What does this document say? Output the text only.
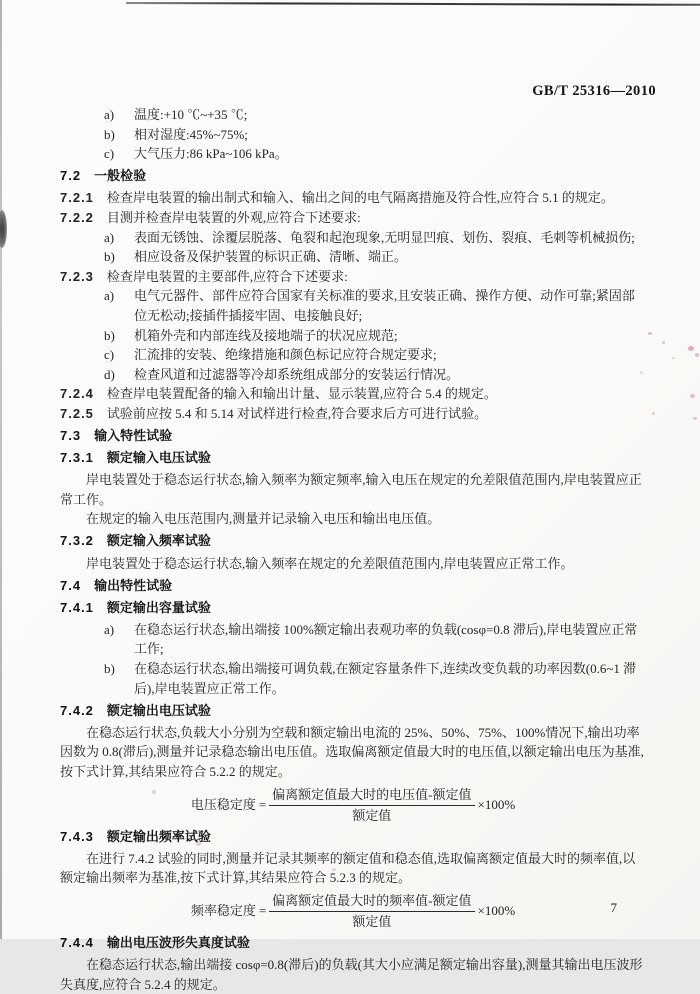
GB/T 25316—2010
a)	温度:+10 ℃~+35 ℃;
b)	相对湿度:45%~75%;
c)	大气压力:86 kPa~106 kPa。
7.2 一般检验

7.2.1 检查岸电装置的输出制式和输入、输出之间的电气隔离措施及符合性,应符合 5.1 的规定。

7.2.2 目测并检查岸电装置的外观,应符合下述要求:

a)	表面无锈蚀、涂覆层脱落、龟裂和起泡现象,无明显凹痕、划伤、裂痕、毛刺等机械损伤;
b)	相应设备及保护装置的标识正确、清晰、端正。

7.2.3 检查岸电装置的主要部件,应符合下述要求:

a)	电气元器件、部件应符合国家有关标准的要求,且安装正确、操作方便、动作可靠;紧固部位无松动;接插件插接牢固、电接触良好;
b)	机箱外壳和内部连线及接地端子的状况应规范;
c)	汇流排的安装、绝缘措施和颜色标记应符合规定要求;
d)	检查风道和过滤器等冷却系统组成部分的安装运行情况。

7.2.4 检查岸电装置配备的输入和输出计量、显示装置,应符合 5.4 的规定。

7.2.5 试验前应按 5.4 和 5.14 对试样进行检查,符合要求后方可进行试验。

7.3 输入特性试验
7.3.1 额定输入电压试验

岸电装置处于稳态运行状态,输入频率为额定频率,输入电压在规定的允差限值范围内,岸电装置应正常工作。

在规定的输入电压范围内,测量并记录输入电压和输出电压值。

7.3.2 额定输入频率试验

岸电装置处于稳态运行状态,输入频率在规定的允差限值范围内,岸电装置应正常工作。

7.4 输出特性试验
7.4.1 额定输出容量试验
a)	在稳态运行状态,输出端接 100%额定输出表观功率的负载(cosφ=0.8 滞后),岸电装置应正常工作;
b)	在稳态运行状态,输出端接可调负载,在额定容量条件下,连续改变负载的功率因数(0.6~1 滞后),岸电装置应正常工作。
7.4.2 额定输出电压试验

在稳态运行状态,负载大小分别为空载和额定输出电流的 25%、50%、75%、100%情况下,输出功率因数为 0.8(滞后),测量并记录稳态输出电压值。选取偏离额定值最大时的电压值,以额定输出电压为基准,按下式计算,其结果应符合 5.2.2 的规定。

电压稳定度 = $\frac{\text{偏离额定值最大时的电压值-额定值}}{\text{额定值}} \times 100\%$
7.4.3 额定输出频率试验

在进行 7.4.2 试验的同时,测量并记录其频率的额定值和稳态值,选取偏离额定值最大时的频率值,以额定输出频率为基准,按下式计算,其结果应符合 5.2.3 的规定。

频率稳定度 = $\frac{\text{偏离额定值最大时的频率值-额定值}}{\text{额定值}} \times 100\%$
7.4.4 输出电压波形失真度试验

在稳态运行状态,输出端接 cosφ=0.8(滞后)的负载(其大小应满足额定输出容量),测量其输出电压波形失真度,应符合 5.2.4 的规定。

7
